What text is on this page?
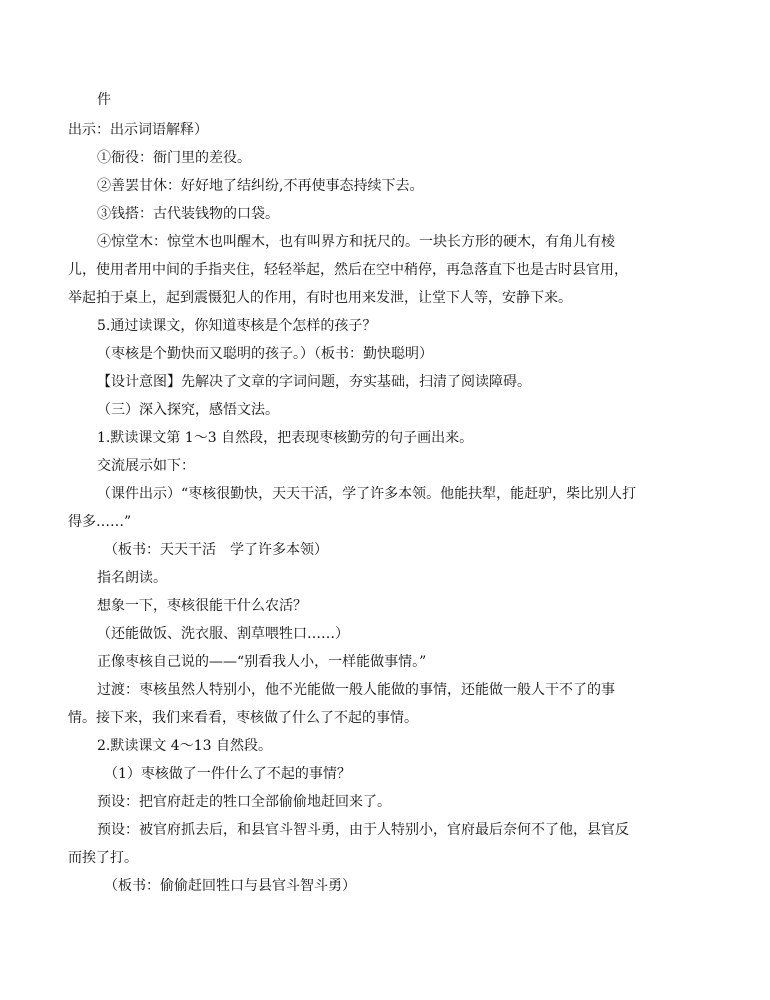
件
出示：出示词语解释）
①衙役：衙门里的差役。
②善罢甘休：好好地了结纠纷,不再使事态持续下去。
③钱搭：古代装钱物的口袋。
④惊堂木：惊堂木也叫醒木，也有叫界方和抚尺的。一块长方形的硬木，有角儿有棱
儿，使用者用中间的手指夹住，轻轻举起，然后在空中稍停，再急落直下也是古时县官用，
举起拍于桌上，起到震慑犯人的作用，有时也用来发泄，让堂下人等，安静下来。
5.通过读课文，你知道枣核是个怎样的孩子？
（枣核是个勤快而又聪明的孩子。）（板书：勤快聪明）
【设计意图】先解决了文章的字词问题，夯实基础，扫清了阅读障碍。
（三）深入探究，感悟文法。
1.默读课文第 1～3 自然段，把表现枣核勤劳的句子画出来。
交流展示如下：
（课件出示）“枣核很勤快，天天干活，学了许多本领。他能扶犁，能赶驴，柴比别人打
得多……”
（板书：天天干活　学了许多本领）
指名朗读。
想象一下，枣核很能干什么农活？
（还能做饭、洗衣服、割草喂牲口……）
正像枣核自己说的——“别看我人小，一样能做事情。”
过渡：枣核虽然人特别小，他不光能做一般人能做的事情，还能做一般人干不了的事
情。接下来，我们来看看，枣核做了什么了不起的事情。
2.默读课文 4～13 自然段。
（1）枣核做了一件什么了不起的事情？
预设：把官府赶走的牲口全部偷偷地赶回来了。
预设：被官府抓去后，和县官斗智斗勇，由于人特别小，官府最后奈何不了他，县官反
而挨了打。
（板书：偷偷赶回牲口与县官斗智斗勇）
